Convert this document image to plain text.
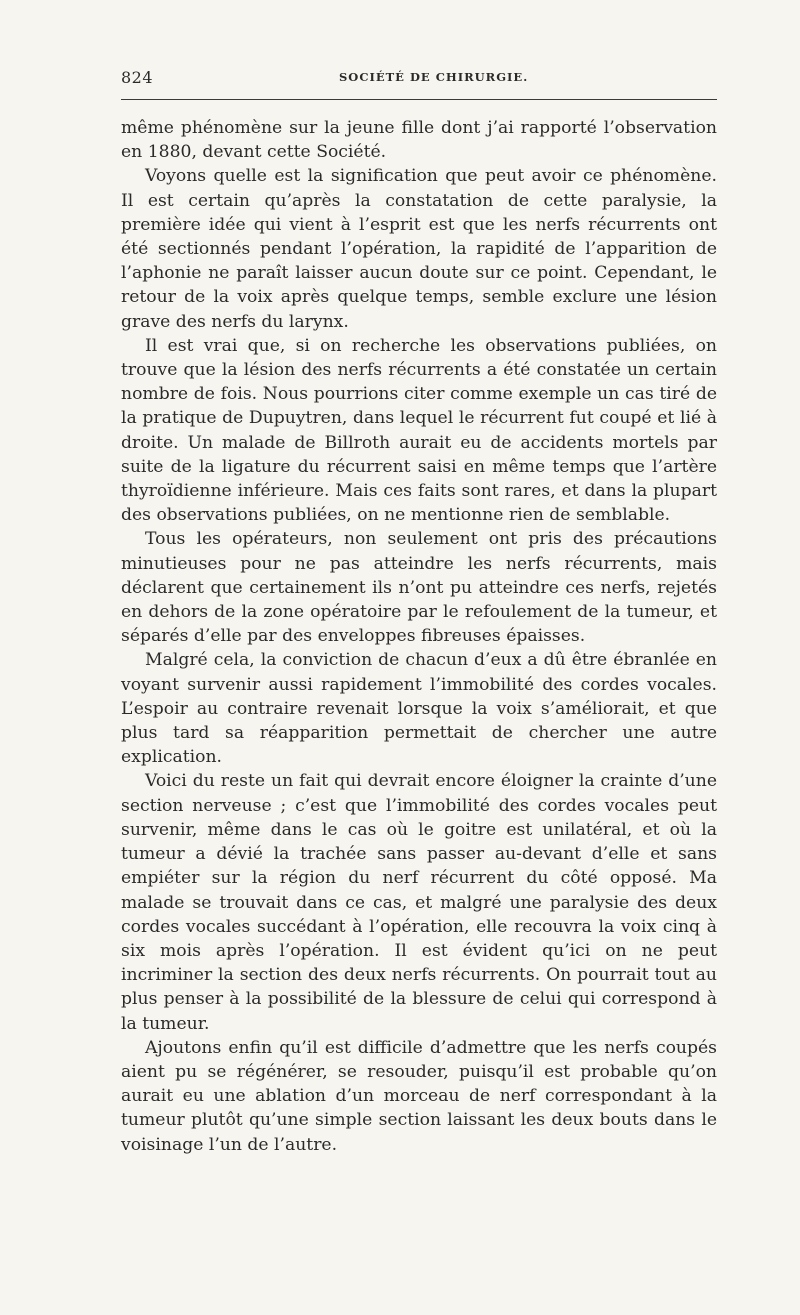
824	SOCIÉTÉ DE CHIRURGIE.

même phénomène sur la jeune fille dont j’ai rapporté l’observation en 1880, devant cette Société.

Voyons quelle est la signification que peut avoir ce phénomène. Il est certain qu’après la constatation de cette paralysie, la première idée qui vient à l’esprit est que les nerfs récurrents ont été sectionnés pendant l’opération, la rapidité de l’apparition de l’aphonie ne paraît laisser aucun doute sur ce point. Cependant, le retour de la voix après quelque temps, semble exclure une lésion grave des nerfs du larynx.

Il est vrai que, si on recherche les observations publiées, on trouve que la lésion des nerfs récurrents a été constatée un certain nombre de fois. Nous pourrions citer comme exemple un cas tiré de la pratique de Dupuytren, dans lequel le récurrent fut coupé et lié à droite. Un malade de Billroth aurait eu de accidents mortels par suite de la ligature du récurrent saisi en même temps que l’artère thyroïdienne inférieure. Mais ces faits sont rares, et dans la plupart des observations publiées, on ne mentionne rien de semblable.

Tous les opérateurs, non seulement ont pris des précautions minutieuses pour ne pas atteindre les nerfs récurrents, mais déclarent que certainement ils n’ont pu atteindre ces nerfs, rejetés en dehors de la zone opératoire par le refoulement de la tumeur, et séparés d’elle par des enveloppes fibreuses épaisses.

Malgré cela, la conviction de chacun d’eux a dû être ébranlée en voyant survenir aussi rapidement l’immobilité des cordes vocales. L’espoir au contraire revenait lorsque la voix s’améliorait, et que plus tard sa réapparition permettait de chercher une autre explication.

Voici du reste un fait qui devrait encore éloigner la crainte d’une section nerveuse ; c’est que l’immobilité des cordes vocales peut survenir, même dans le cas où le goitre est unilatéral, et où la tumeur a dévié la trachée sans passer au-devant d’elle et sans empiéter sur la région du nerf récurrent du côté opposé. Ma malade se trouvait dans ce cas, et malgré une paralysie des deux cordes vocales succédant à l’opération, elle recouvra la voix cinq à six mois après l’opération. Il est évident qu’ici on ne peut incriminer la section des deux nerfs récurrents. On pourrait tout au plus penser à la possibilité de la blessure de celui qui correspond à la tumeur.

Ajoutons enfin qu’il est difficile d’admettre que les nerfs coupés aient pu se régénérer, se resouder, puisqu’il est probable qu’on aurait eu une ablation d’un morceau de nerf correspondant à la tumeur plutôt qu’une simple section laissant les deux bouts dans le voisinage l’un de l’autre.
